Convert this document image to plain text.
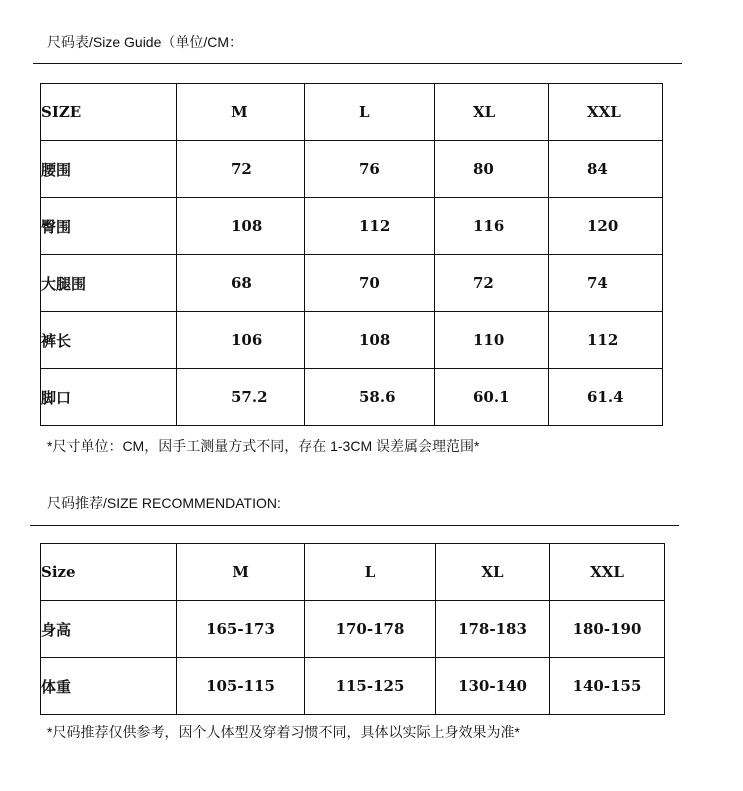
尺码表/Size Guide（单位/CM：
SIZE	M	L	XL	XXL
腰围	72	76	80	84
臀围	108	112	116	120
大腿围	68	70	72	74
裤长	106	108	110	112
脚口	57.2	58.6	60.1	61.4
*尺寸单位：CM，因手工测量方式不同，存在 1-3CM 误差属会理范围*
尺码推荐/SIZE RECOMMENDATION:
Size	M	L	XL	XXL
身高	165-173	170-178	178-183	180-190
体重	105-115	115-125	130-140	140-155
*尺码推荐仅供参考，因个人体型及穿着习惯不同，具体以实际上身效果为准*
